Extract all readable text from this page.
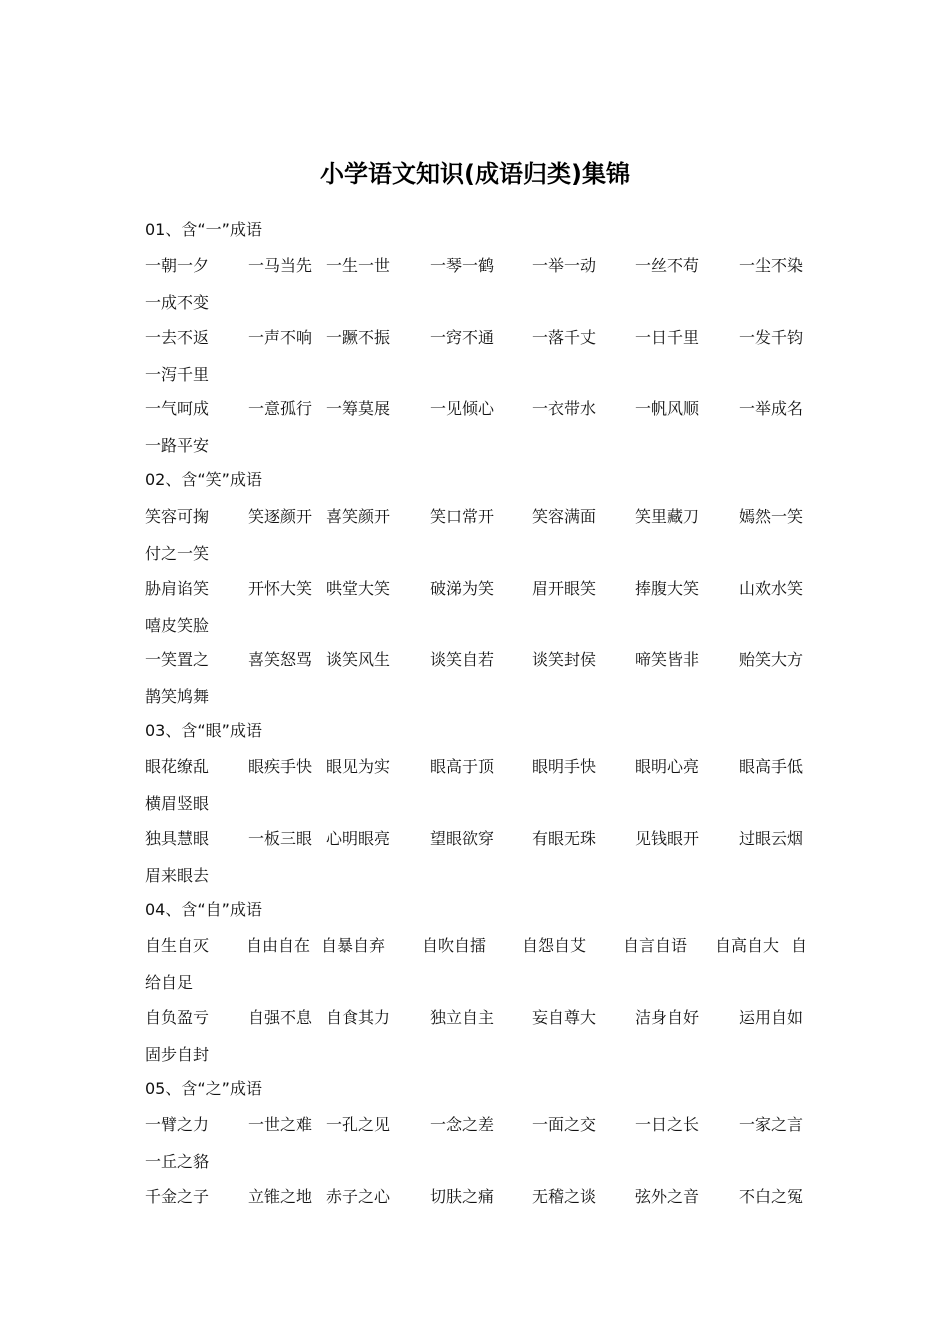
小学语文知识(成语归类)集锦
01、含“一”成语
一朝一夕 一马当先 一生一世 一琴一鹤 一举一动 一丝不苟 一尘不染
一成不变
一去不返 一声不响 一蹶不振 一窍不通 一落千丈 一日千里 一发千钧
一泻千里
一气呵成 一意孤行 一筹莫展 一见倾心 一衣带水 一帆风顺 一举成名
一路平安
02、含“笑”成语
笑容可掬 笑逐颜开 喜笑颜开 笑口常开 笑容满面 笑里藏刀 嫣然一笑
付之一笑
胁肩谄笑 开怀大笑 哄堂大笑 破涕为笑 眉开眼笑 捧腹大笑 山欢水笑
嘻皮笑脸
一笑置之 喜笑怒骂 谈笑风生 谈笑自若 谈笑封侯 啼笑皆非 贻笑大方
鹊笑鸠舞
03、含“眼”成语
眼花缭乱 眼疾手快 眼见为实 眼高于顶 眼明手快 眼明心亮 眼高手低
横眉竖眼
独具慧眼 一板三眼 心明眼亮 望眼欲穿 有眼无珠 见钱眼开 过眼云烟
眉来眼去
04、含“自”成语
自生自灭 自由自在 自暴自弃 自吹自擂 自怨自艾 自言自语 自高自大 自
给自足
自负盈亏 自强不息 自食其力 独立自主 妄自尊大 洁身自好 运用自如
固步自封
05、含“之”成语
一臂之力 一世之难 一孔之见 一念之差 一面之交 一日之长 一家之言
一丘之貉
千金之子 立锥之地 赤子之心 切肤之痛 无稽之谈 弦外之音 不白之冤
